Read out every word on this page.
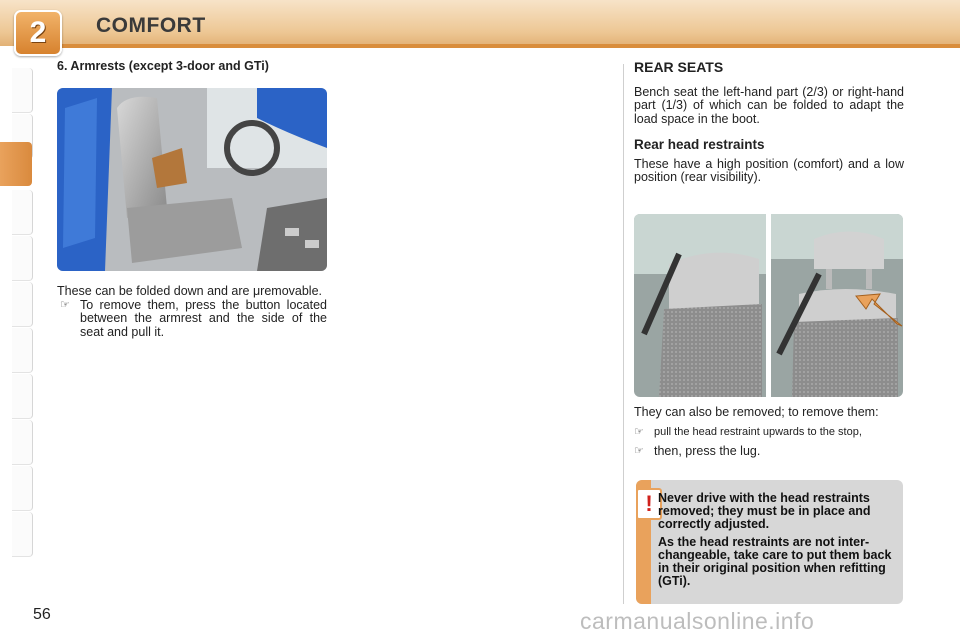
2	COMFORT

6. Armrests (except 3-door and GTi)

These can be folded down and are μremovable.

☞ To remove them, press the button located between the armrest and the side of the seat and pull it.

REAR SEATS

Bench seat the left-hand part (2/3) or right-hand part (1/3) of which can be folded to adapt the load space in the boot.

Rear head restraints

These have a high position (comfort) and a low position (rear visibility).

They can also be removed; to remove them:

☞ pull the head restraint upwards to the stop,
☞ then, press the lug.
! Never drive with the head restraints removed; they must be in place and correctly adjusted.
As the head restraints are not inter-changeable, take care to put them back in their original position when refitting (GTi).
56	carmanualsonline.info
